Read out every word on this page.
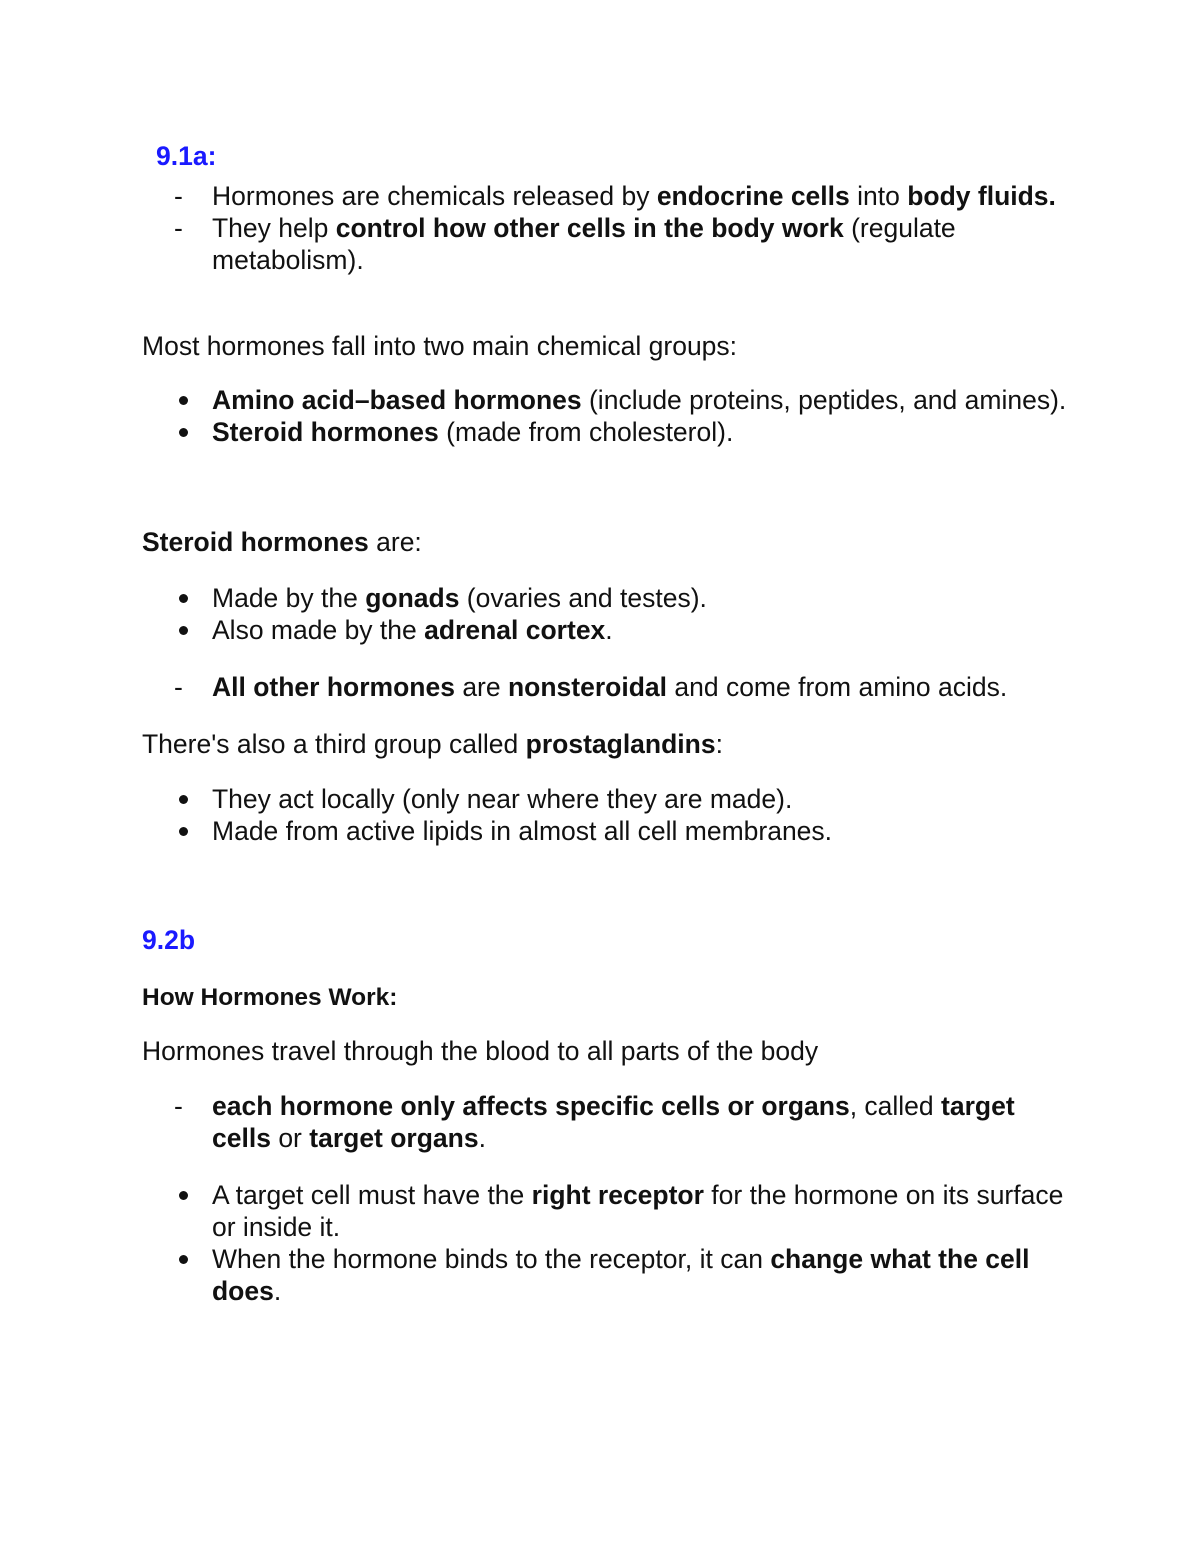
9.1a:
-	Hormones are chemicals released by endocrine cells into body fluids.
-	They help control how other cells in the body work (regulate metabolism).

Most hormones fall into two main chemical groups:

Amino acid–based hormones (include proteins, peptides, and amines).
Steroid hormones (made from cholesterol).

Steroid hormones are:

Made by the gonads (ovaries and testes).
Also made by the adrenal cortex.
-	All other hormones are nonsteroidal and come from amino acids.

There's also a third group called prostaglandins:

They act locally (only near where they are made).
Made from active lipids in almost all cell membranes.
9.2b

How Hormones Work:

Hormones travel through the blood to all parts of the body

-	each hormone only affects specific cells or organs, called target cells or target organs.
A target cell must have the right receptor for the hormone on its surface or inside it.
When the hormone binds to the receptor, it can change what the cell does.
